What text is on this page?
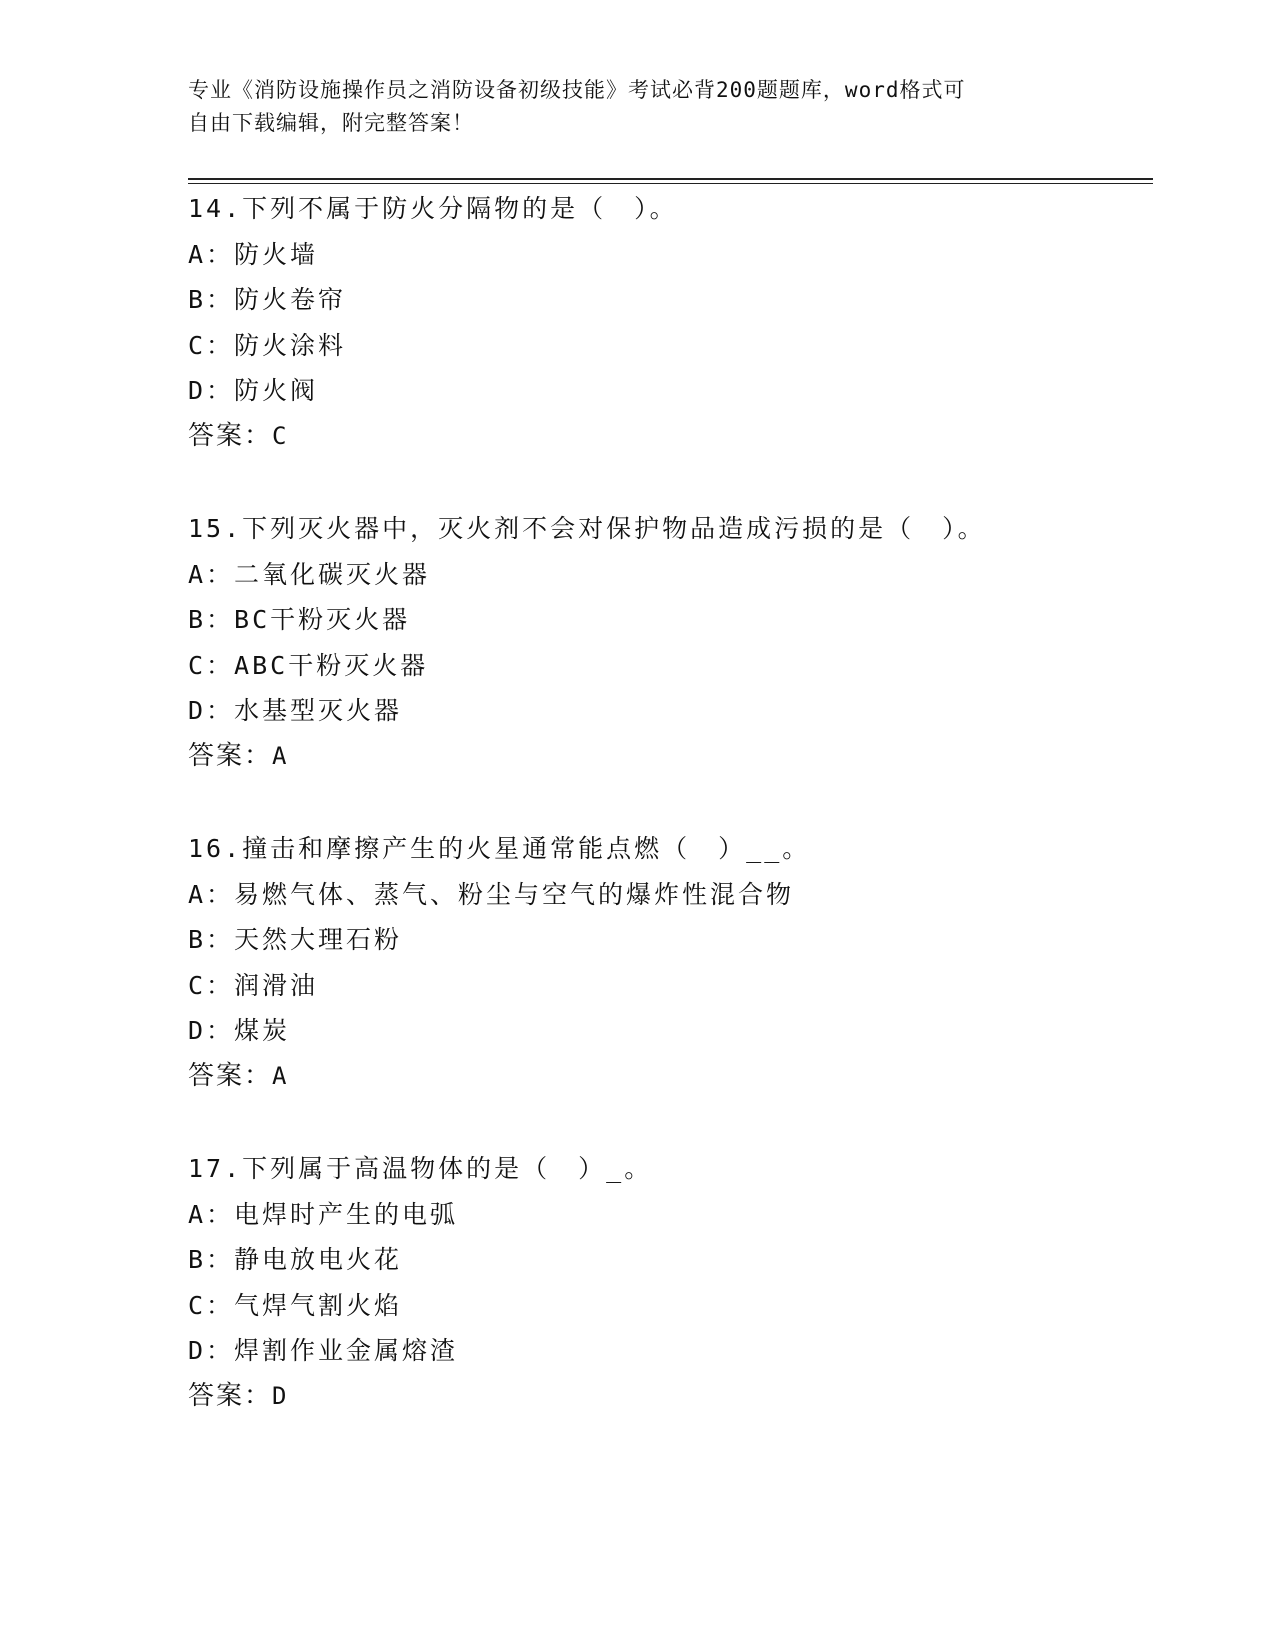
专业《消防设施操作员之消防设备初级技能》考试必背200题题库，word格式可
自由下载编辑，附完整答案！
14.下列不属于防火分隔物的是（　）。
A：防火墙
B：防火卷帘
C：防火涂料
D：防火阀
答案：C
15.下列灭火器中，灭火剂不会对保护物品造成污损的是（　）。
A：二氧化碳灭火器
B：BC干粉灭火器
C：ABC干粉灭火器
D：水基型灭火器
答案：A
16.撞击和摩擦产生的火星通常能点燃（　）__。
A：易燃气体、蒸气、粉尘与空气的爆炸性混合物
B：天然大理石粉
C：润滑油
D：煤炭
答案：A
17.下列属于高温物体的是（　）_。
A：电焊时产生的电弧
B：静电放电火花
C：气焊气割火焰
D：焊割作业金属熔渣
答案：D
